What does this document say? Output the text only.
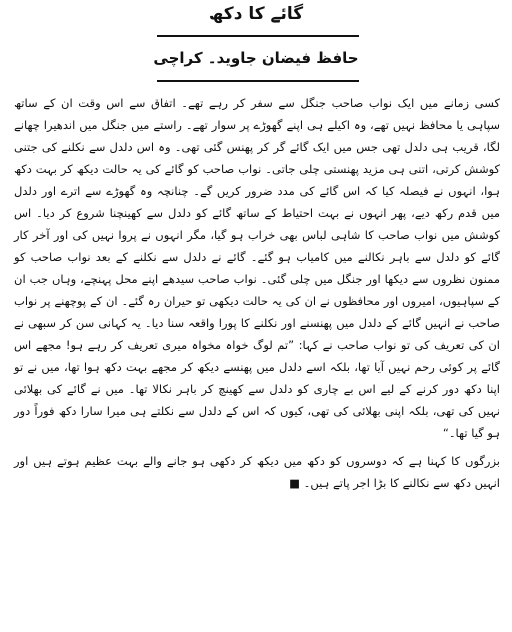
گائے کا دکھ
حافظ فیضان جاوید۔ کراچی

کسی زمانے میں ایک نواب صاحب جنگل سے سفر کر رہے تھے۔ اتفاق سے اس وقت ان کے ساتھ سپاہی یا محافظ نہیں تھے، وہ اکیلے ہی اپنے گھوڑے پر سوار تھے۔ راستے میں جنگل میں اندھیرا چھانے لگا، قریب ہی دلدل تھی جس میں ایک گائے گر کر پھنس گئی تھی۔ وہ اس دلدل سے نکلنے کی جتنی کوشش کرتی، اتنی ہی مزید پھنستی چلی جاتی۔ نواب صاحب کو گائے کی یہ حالت دیکھ کر بہت دکھ ہوا، انہوں نے فیصلہ کیا کہ اس گائے کی مدد ضرور کریں گے۔ چنانچہ وہ گھوڑے سے اترے اور دلدل میں قدم رکھ دیے، پھر انہوں نے بہت احتیاط کے ساتھ گائے کو دلدل سے کھینچنا شروع کر دیا۔ اس کوشش میں نواب صاحب کا شاہی لباس بھی خراب ہو گیا، مگر انہوں نے پروا نہیں کی اور آخر کار گائے کو دلدل سے باہر نکالنے میں کامیاب ہو گئے۔ گائے نے دلدل سے نکلنے کے بعد نواب صاحب کو ممنون نظروں سے دیکھا اور جنگل میں چلی گئی۔ نواب صاحب سیدھے اپنے محل پہنچے، وہاں جب ان کے سپاہیوں، امیروں اور محافظوں نے ان کی یہ حالت دیکھی تو حیران رہ گئے۔ ان کے پوچھنے پر نواب صاحب نے انہیں گائے کے دلدل میں پھنسنے اور نکلنے کا پورا واقعہ سنا دیا۔ یہ کہانی سن کر سبھی نے ان کی تعریف کی تو نواب صاحب نے کہا: ”تم لوگ خواہ مخواہ میری تعریف کر رہے ہو! مجھے اس گائے پر کوئی رحم نہیں آیا تھا، بلکہ اسے دلدل میں پھنسے دیکھ کر مجھے بہت دکھ ہوا تھا، میں نے تو اپنا دکھ دور کرنے کے لیے اس بے چاری کو دلدل سے کھینچ کر باہر نکالا تھا۔ میں نے گائے کی بھلائی نہیں کی تھی، بلکہ اپنی بھلائی کی تھی، کیوں کہ اس کے دلدل سے نکلتے ہی میرا سارا دکھ فوراً دور ہو گیا تھا۔“

بزرگوں کا کہنا ہے کہ دوسروں کو دکھ میں دیکھ کر دکھی ہو جانے والے بہت عظیم ہوتے ہیں اور انہیں دکھ سے نکالنے کا بڑا اجر پاتے ہیں۔ ■
